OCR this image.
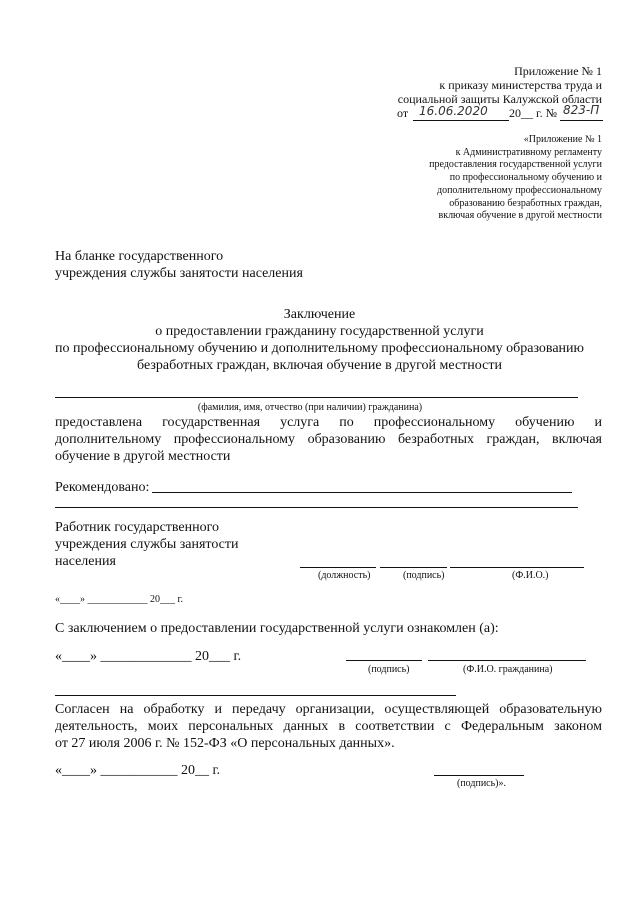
Приложение № 1
к приказу министерства труда и
социальной защиты Калужской области
от 16.06.2020 20__ г. № 823-П
«Приложение № 1
к Административному регламенту
предоставления государственной услуги
по профессиональному обучению и
дополнительному профессиональному
образованию безработных граждан,
включая обучение в другой местности
На бланке государственного
учреждения службы занятости населения
Заключение
о предоставлении гражданину государственной услуги
по профессиональному обучению и дополнительному профессиональному образованию
безработных граждан, включая обучение в другой местности
(фамилия, имя, отчество (при наличии) гражданина)
предоставлена государственная услуга по профессиональному обучению и
дополнительному профессиональному образованию безработных граждан, включая
обучение в другой местности
Рекомендовано:
Работник государственного
учреждения службы занятости
населения
(должность)	(подпись)	(Ф.И.О.)
«____» ____________ 20___ г.
С заключением о предоставлении государственной услуги ознакомлен (а):
«____» _____________ 20___ г.
(подпись)	(Ф.И.О. гражданина)
Согласен на обработку и передачу организации, осуществляющей образовательную
деятельность, моих персональных данных в соответствии с Федеральным законом
от 27 июля 2006 г. № 152-ФЗ «О персональных данных».
«____» ___________ 20__ г.
(подпись)».
